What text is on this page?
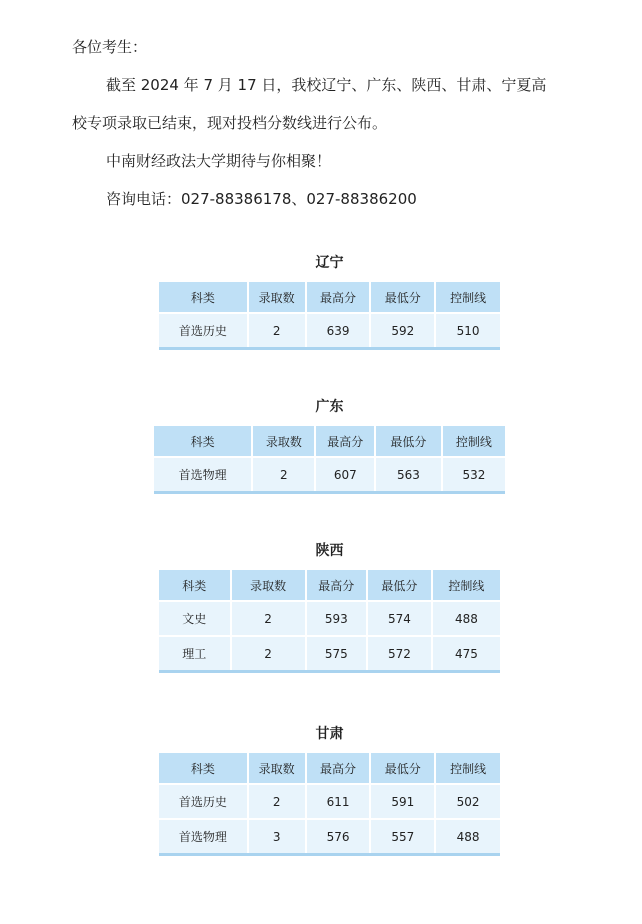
各位考生：

截至 2024 年 7 月 17 日，我校辽宁、广东、陕西、甘肃、宁夏高

校专项录取已结束，现对投档分数线进行公布。

中南财经政法大学期待与你相聚！

咨询电话：027-88386178、027-88386200

辽宁
科类	录取数	最高分	最低分	控制线
首选历史	2	639	592	510
广东
科类	录取数	最高分	最低分	控制线
首选物理	2	607	563	532
陕西
科类	录取数	最高分	最低分	控制线
文史	2	593	574	488
理工	2	575	572	475
甘肃
科类	录取数	最高分	最低分	控制线
首选历史	2	611	591	502
首选物理	3	576	557	488
